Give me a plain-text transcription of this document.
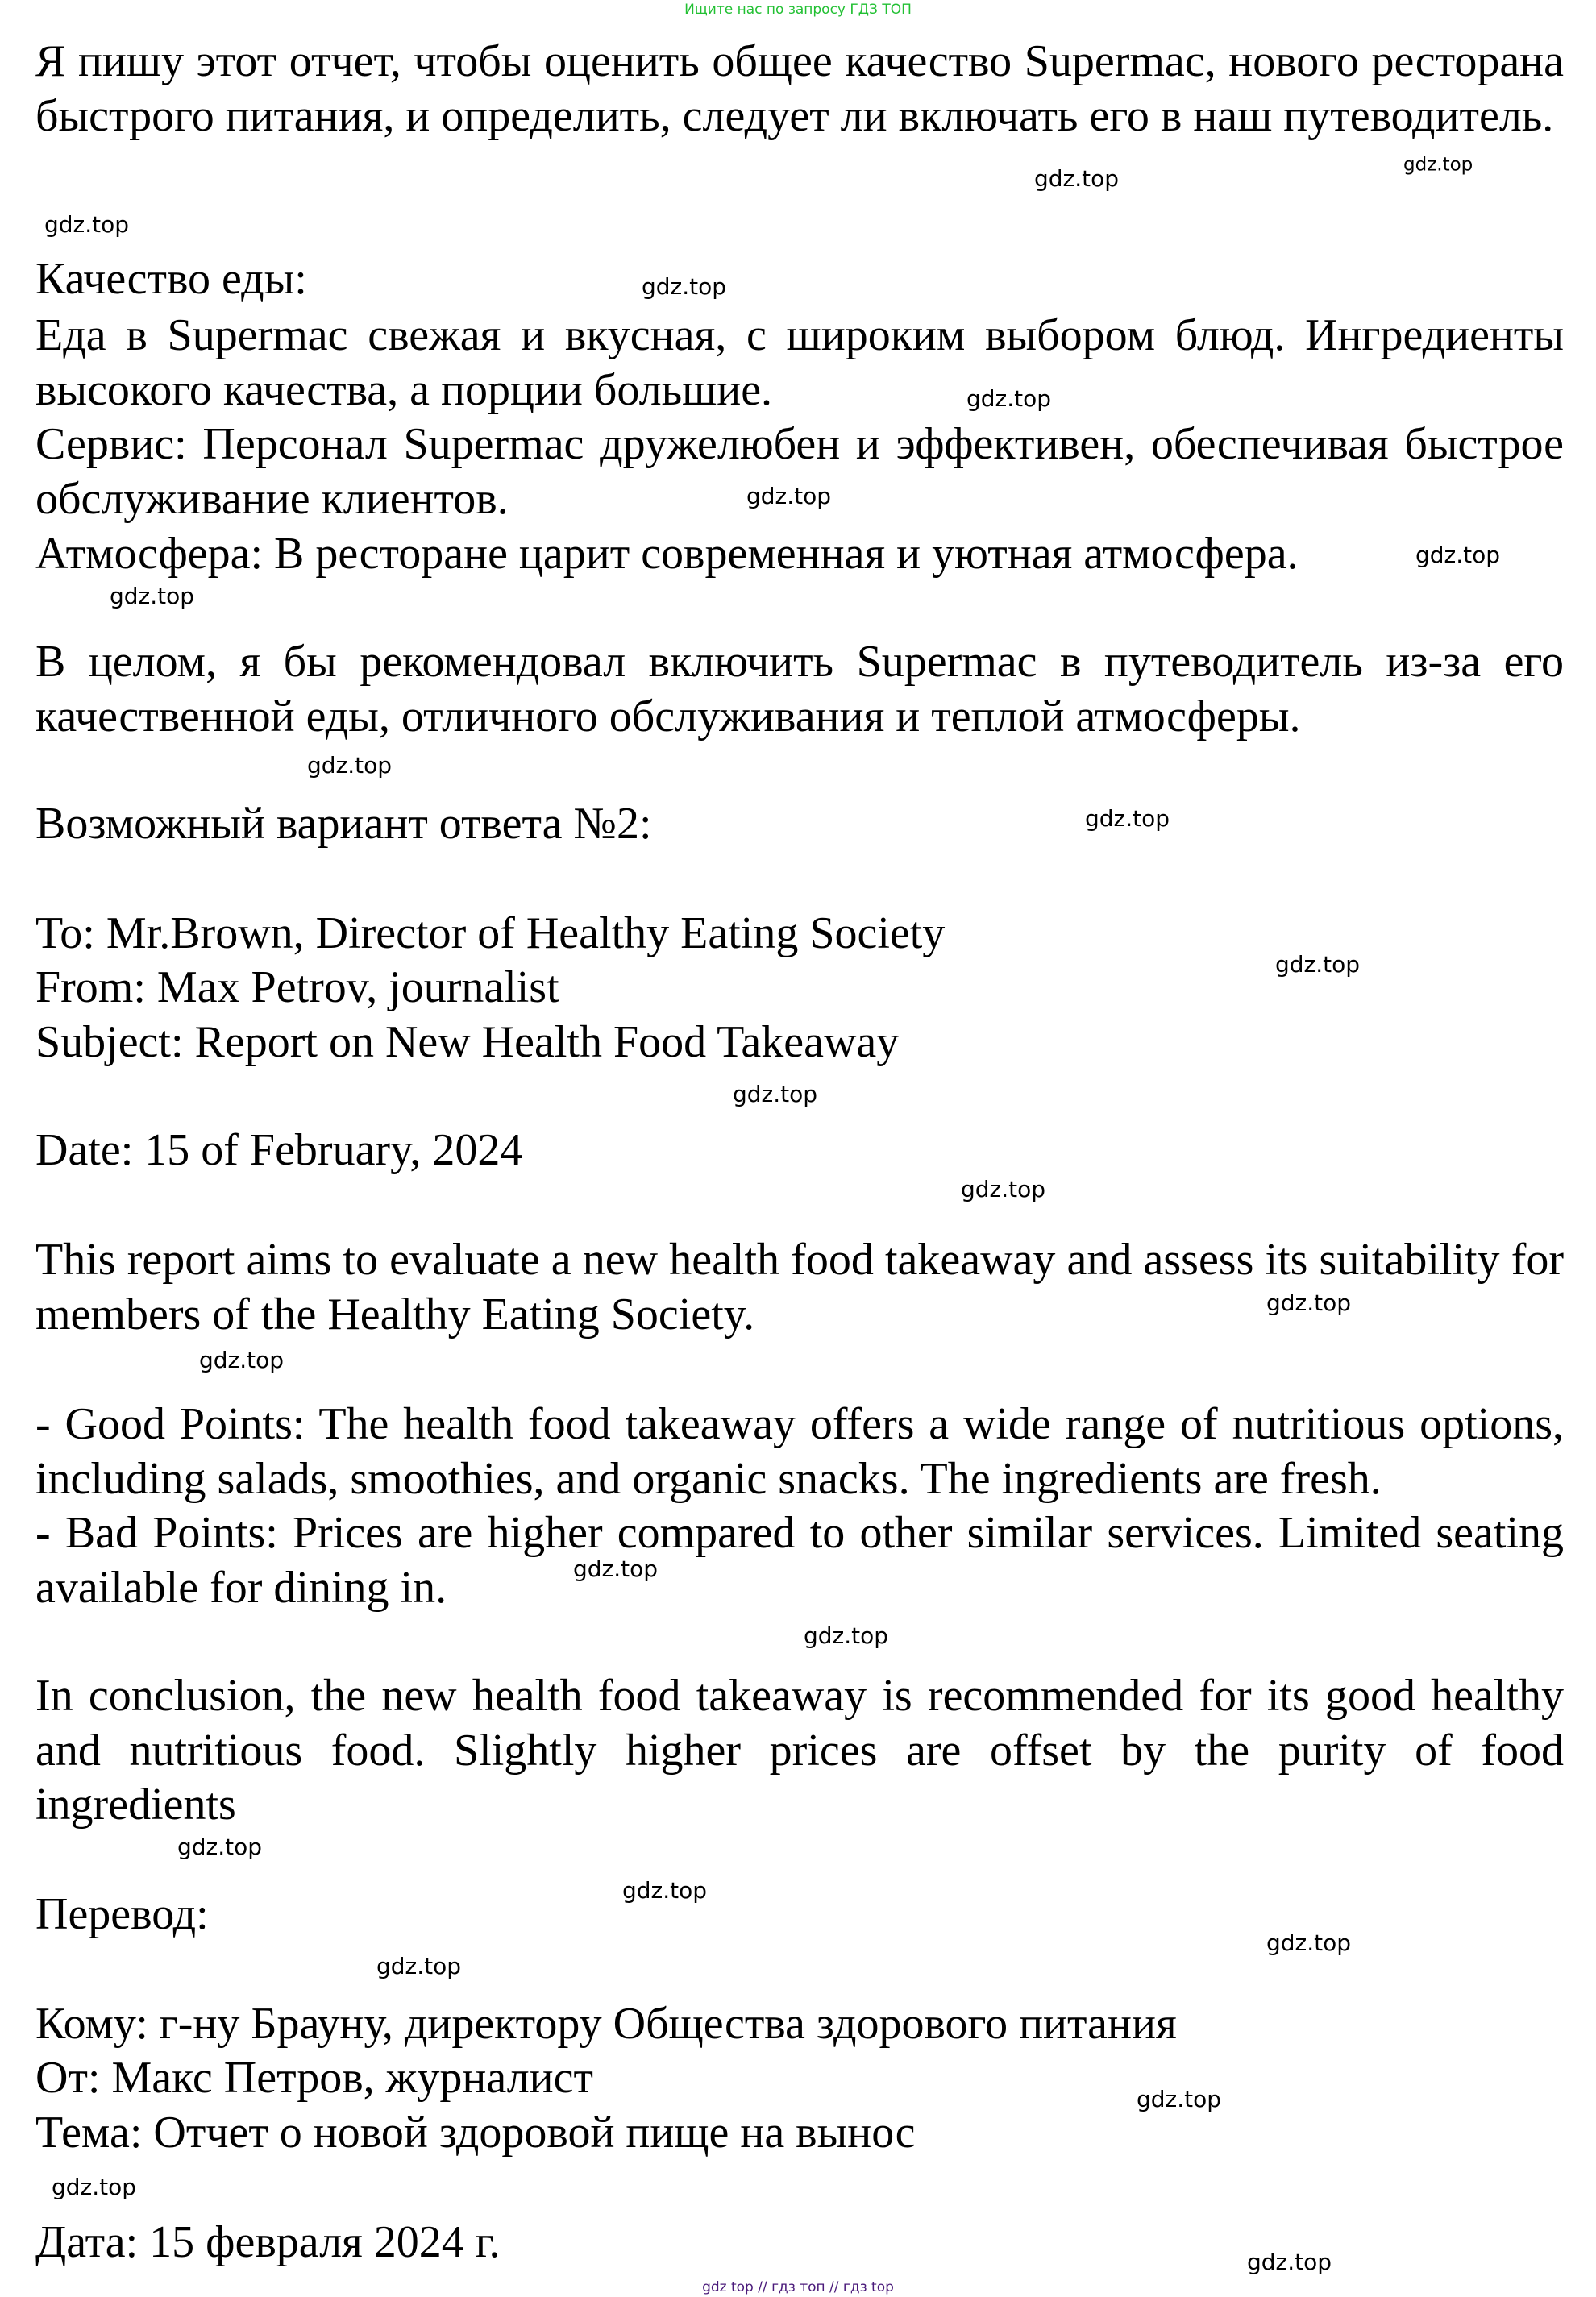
Ищите нас по запросу ГДЗ ТОП
Я пишу этот отчет, чтобы оценить общее качество Supermac, нового ресторана быстрого питания, и определить, следует ли включать его в наш путеводитель.
Качество еды:
Еда в Supermac свежая и вкусная, с широким выбором блюд. Ингредиенты высокого качества, а порции большие.
Сервис: Персонал Supermac дружелюбен и эффективен, обеспечивая быстрое обслуживание клиентов.
Атмосфера: В ресторане царит современная и уютная атмосфера.
В целом, я бы рекомендовал включить Supermac в путеводитель из-за его качественной еды, отличного обслуживания и теплой атмосферы.
Возможный вариант ответа №2:
To: Mr.Brown, Director of Healthy Eating Society
From: Max Petrov, journalist
Subject: Report on New Health Food Takeaway
Date: 15 of February, 2024
This report aims to evaluate a new health food takeaway and assess its suitability for members of the Healthy Eating Society.
- Good Points: The health food takeaway offers a wide range of nutritious options, including salads, smoothies, and organic snacks. The ingredients are fresh.
- Bad Points: Prices are higher compared to other similar services. Limited seating available for dining in.
In conclusion, the new health food takeaway is recommended for its good healthy and nutritious food. Slightly higher prices are offset by the purity of food ingredients
Перевод:
Кому: г-ну Брауну, директору Общества здорового питания
От: Макс Петров, журналист
Тема: Отчет о новой здоровой пище на вынос
Дата: 15 февраля 2024 г.
gdz.top
gdz.top
gdz.top
gdz.top
gdz.top
gdz.top
gdz.top
gdz.top
gdz.top
gdz.top
gdz.top
gdz.top
gdz.top
gdz.top
gdz.top
gdz.top
gdz.top
gdz.top
gdz.top
gdz.top
gdz.top
gdz.top
gdz.top
gdz.top
gdz top // гдз топ // гдз top
